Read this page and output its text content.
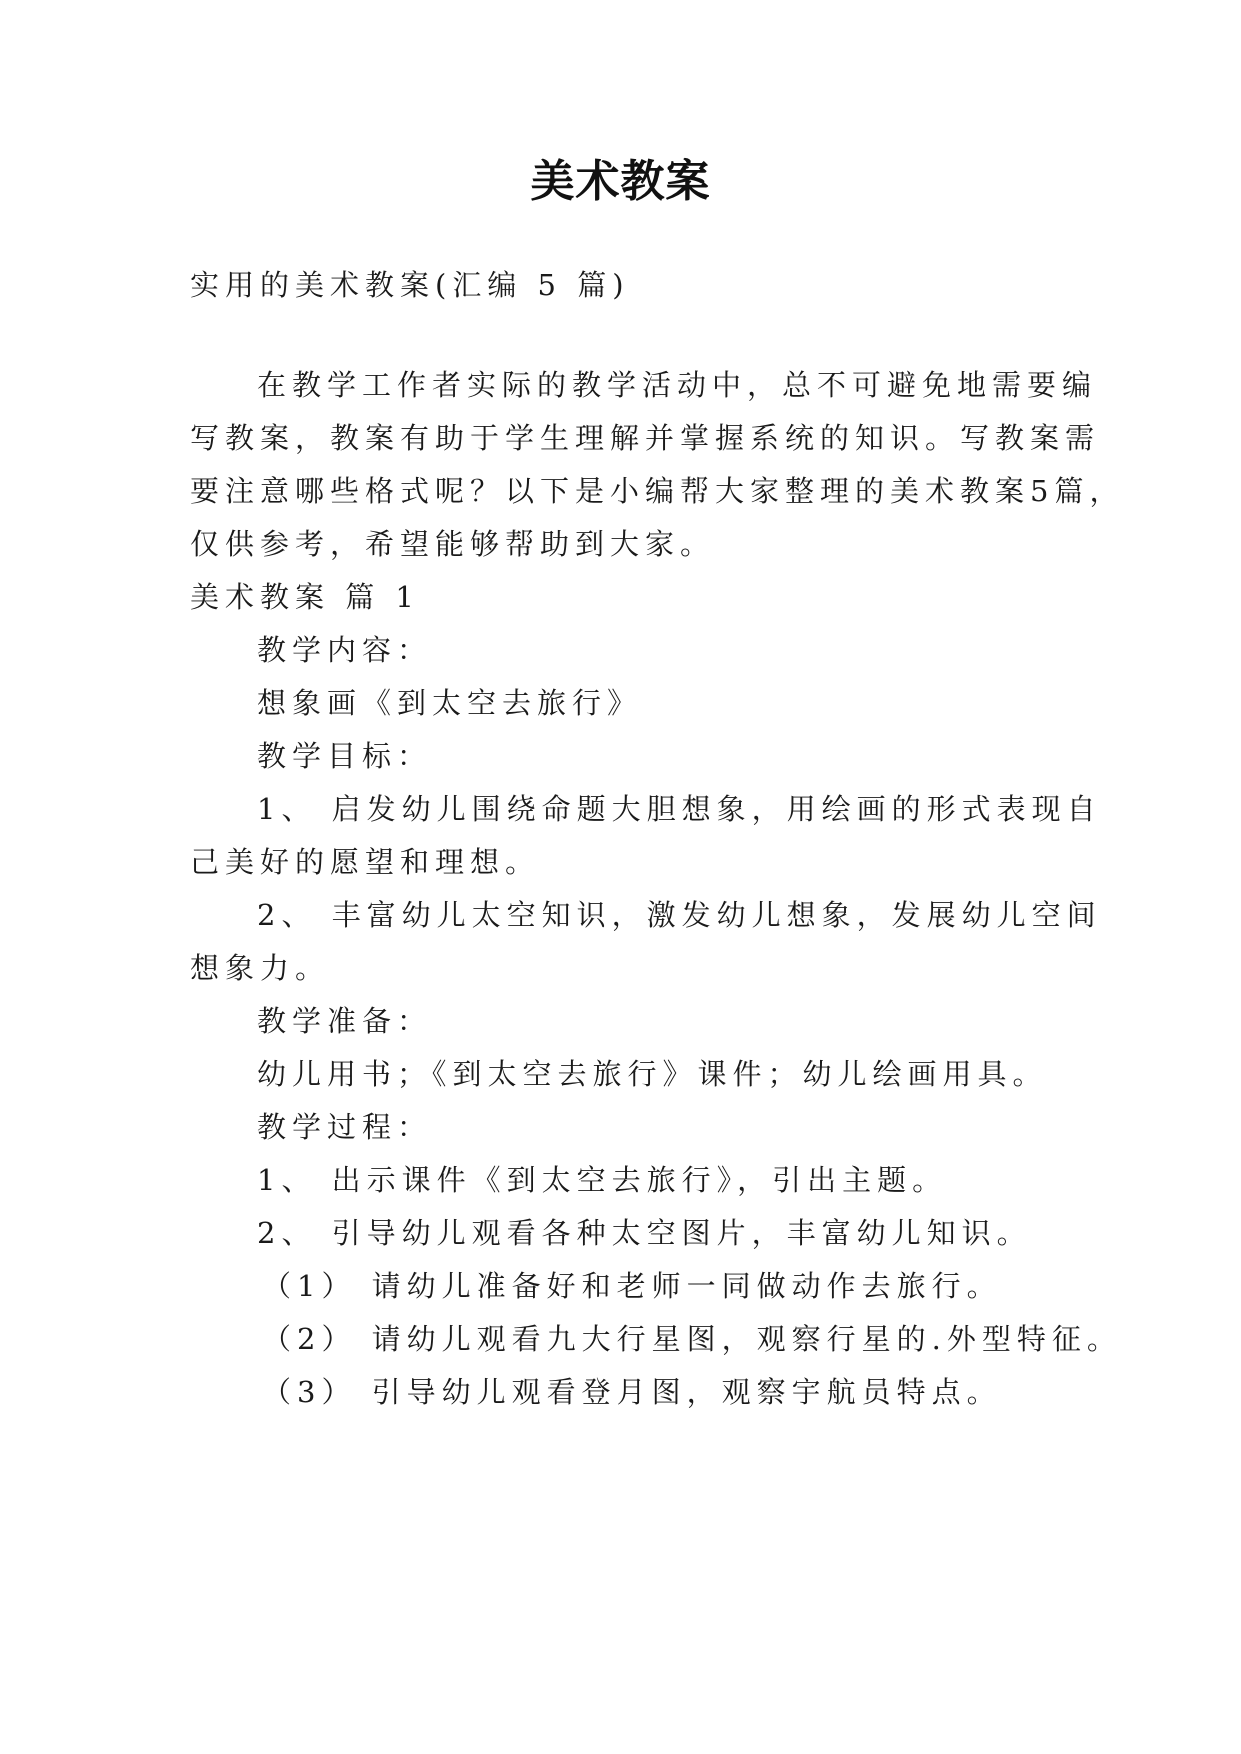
美术教案
实用的美术教案(汇编 5 篇)
在教学工作者实际的教学活动中，总不可避免地需要编
写教案，教案有助于学生理解并掌握系统的知识。写教案需
要注意哪些格式呢？以下是小编帮大家整理的美术教案5篇，
仅供参考，希望能够帮助到大家。
美术教案 篇 1
教学内容：
想象画《到太空去旅行》
教学目标：
1、 启发幼儿围绕命题大胆想象，用绘画的形式表现自
己美好的愿望和理想。
2、 丰富幼儿太空知识，激发幼儿想象，发展幼儿空间
想象力。
教学准备：
幼儿用书；《到太空去旅行》课件；幼儿绘画用具。
教学过程：
1、 出示课件《到太空去旅行》，引出主题。
2、 引导幼儿观看各种太空图片，丰富幼儿知识。
（1） 请幼儿准备好和老师一同做动作去旅行。
（2） 请幼儿观看九大行星图，观察行星的.外型特征。
（3） 引导幼儿观看登月图，观察宇航员特点。
